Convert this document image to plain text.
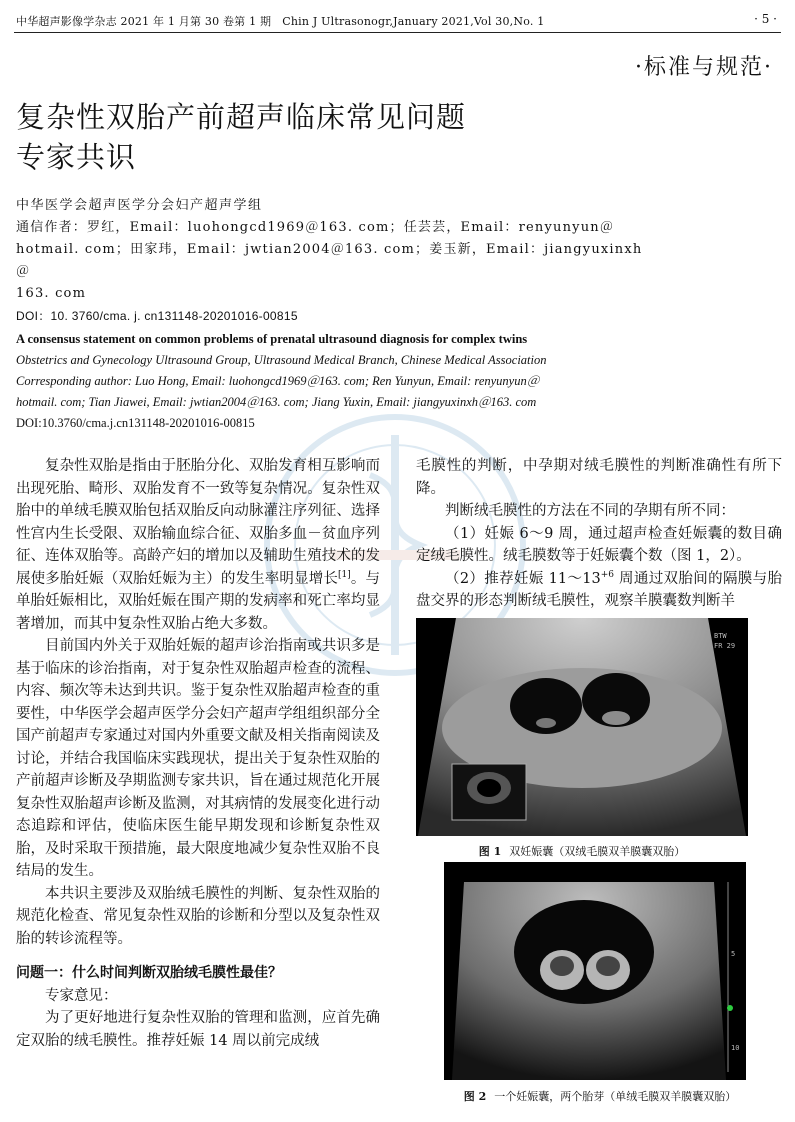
中华超声影像学杂志 2021 年 1 月第 30 卷第 1 期 Chin J Ultrasonogr,January 2021,Vol 30,No. 1	· 5 ·
·标准与规范·
复杂性双胎产前超声临床常见问题
专家共识
中华医学会超声医学分会妇产超声学组
通信作者：罗红，Email：luohongcd1969＠163. com；任芸芸，Email：renyunyun＠
hotmail. com；田家玮，Email：jwtian2004＠163. com；姜玉新，Email：jiangyuxinxh＠
163. com
DOI：10. 3760/cma. j. cn131148-20201016-00815
A consensus statement on common problems of prenatal ultrasound diagnosis for complex twins
Obstetrics and Gynecology Ultrasound Group, Ultrasound Medical Branch, Chinese Medical Association
Corresponding author: Luo Hong, Email: luohongcd1969＠163. com; Ren Yunyun, Email: renyunyun＠
hotmail. com; Tian Jiawei, Email: jwtian2004＠163. com; Jiang Yuxin, Email: jiangyuxinxh＠163. com
DOI:10.3760/cma.j.cn131148-20201016-00815

复杂性双胎是指由于胚胎分化、双胎发育相互影响而出现死胎、畸形、双胎发育不一致等复杂情况。复杂性双胎中的单绒毛膜双胎包括双胎反向动脉灌注序列征、选择性宫内生长受限、双胎输血综合征、双胎多血－贫血序列征、连体双胎等。高龄产妇的增加以及辅助生殖技术的发展使多胎妊娠（双胎妊娠为主）的发生率明显增长[1]。与单胎妊娠相比，双胎妊娠在围产期的发病率和死亡率均显著增加，而其中复杂性双胎占绝大多数。

目前国内外关于双胎妊娠的超声诊治指南或共识多是基于临床的诊治指南，对于复杂性双胎超声检查的流程、内容、频次等未达到共识。鉴于复杂性双胎超声检查的重要性，中华医学会超声医学分会妇产超声学组组织部分全国产前超声专家通过对国内外重要文献及相关指南阅读及讨论，并结合我国临床实践现状，提出关于复杂性双胎的产前超声诊断及孕期监测专家共识，旨在通过规范化开展复杂性双胎超声诊断及监测，对其病情的发展变化进行动态追踪和评估，使临床医生能早期发现和诊断复杂性双胎，及时采取干预措施，最大限度地减少复杂性双胎不良结局的发生。

本共识主要涉及双胎绒毛膜性的判断、复杂性双胎的规范化检查、常见复杂性双胎的诊断和分型以及复杂性双胎的转诊流程等。

问题一：什么时间判断双胎绒毛膜性最佳？

专家意见：

为了更好地进行复杂性双胎的管理和监测，应首先确定双胎的绒毛膜性。推荐妊娠 14 周以前完成绒

毛膜性的判断，中孕期对绒毛膜性的判断准确性有所下降。

判断绒毛膜性的方法在不同的孕期有所不同：

（1）妊娠 6～9 周，通过超声检查妊娠囊的数目确定绒毛膜性。绒毛膜数等于妊娠囊个数（图 1，2）。

（2）推荐妊娠 $11\sim 13^{+6}$ 周通过双胎间的隔膜与胎盘交界的形态判断绒毛膜性，观察羊膜囊数判断羊

BTW
FR 29
图 1 双妊娠囊（双绒毛膜双羊膜囊双胎）
5
10
图 2 一个妊娠囊，两个胎芽（单绒毛膜双羊膜囊双胎）
